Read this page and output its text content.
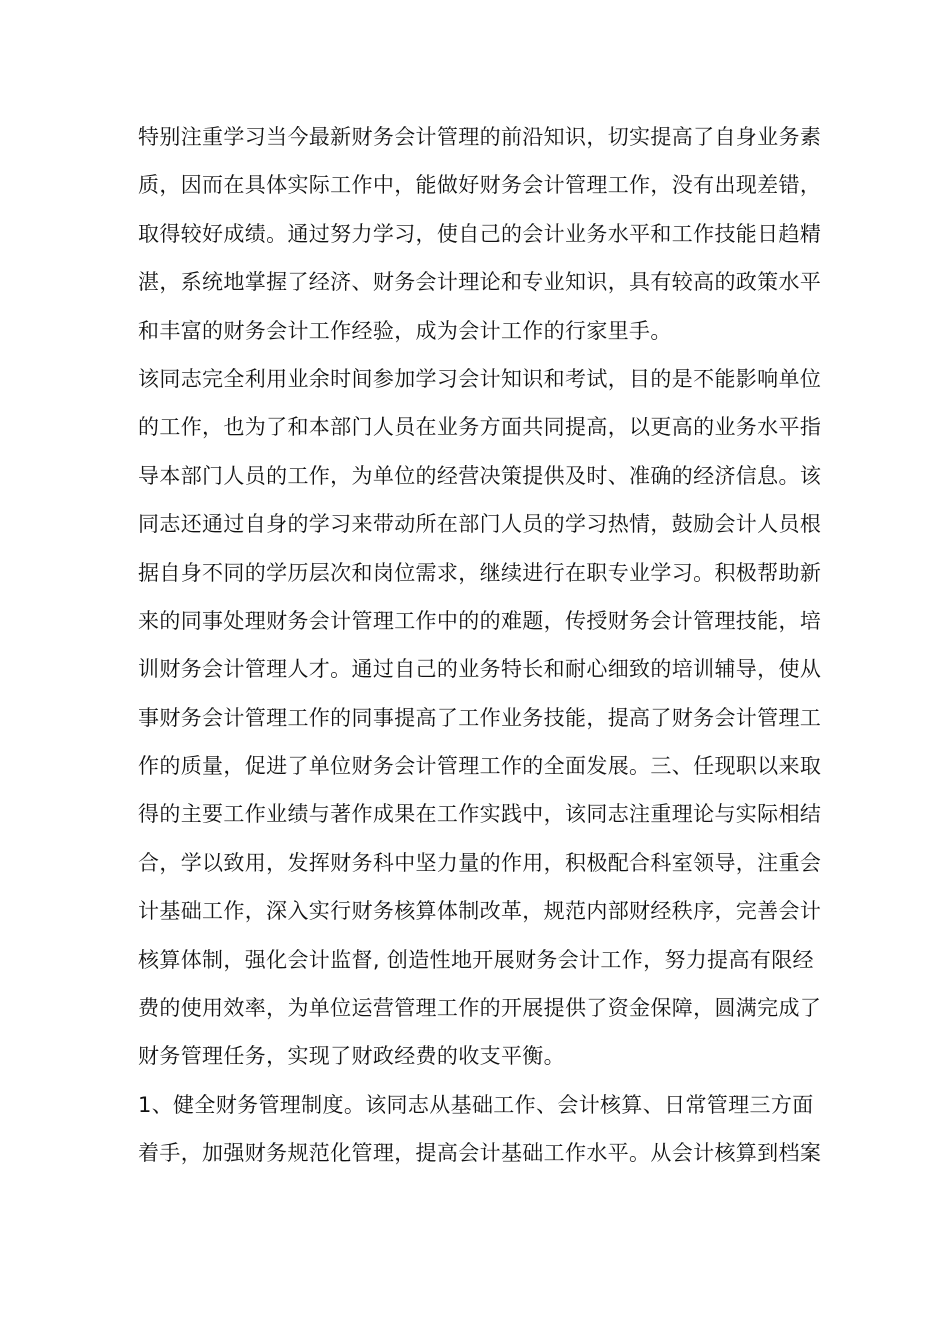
特别注重学习当今最新财务会计管理的前沿知识，切实提高了自身业务素
质，因而在具体实际工作中，能做好财务会计管理工作，没有出现差错，
取得较好成绩。通过努力学习，使自己的会计业务水平和工作技能日趋精
湛，系统地掌握了经济、财务会计理论和专业知识，具有较高的政策水平
和丰富的财务会计工作经验，成为会计工作的行家里手。
该同志完全利用业余时间参加学习会计知识和考试，目的是不能影响单位
的工作，也为了和本部门人员在业务方面共同提高，以更高的业务水平指
导本部门人员的工作，为单位的经营决策提供及时、准确的经济信息。该
同志还通过自身的学习来带动所在部门人员的学习热情，鼓励会计人员根
据自身不同的学历层次和岗位需求，继续进行在职专业学习。积极帮助新
来的同事处理财务会计管理工作中的的难题，传授财务会计管理技能，培
训财务会计管理人才。通过自己的业务特长和耐心细致的培训辅导，使从
事财务会计管理工作的同事提高了工作业务技能，提高了财务会计管理工
作的质量，促进了单位财务会计管理工作的全面发展。三、任现职以来取
得的主要工作业绩与著作成果在工作实践中，该同志注重理论与实际相结
合，学以致用，发挥财务科中坚力量的作用，积极配合科室领导，注重会
计基础工作，深入实行财务核算体制改革，规范内部财经秩序，完善会计
核算体制，强化会计监督, 创造性地开展财务会计工作，努力提高有限经
费的使用效率，为单位运营管理工作的开展提供了资金保障，圆满完成了
财务管理任务，实现了财政经费的收支平衡。
1、健全财务管理制度。该同志从基础工作、会计核算、日常管理三方面
着手，加强财务规范化管理，提高会计基础工作水平。从会计核算到档案
